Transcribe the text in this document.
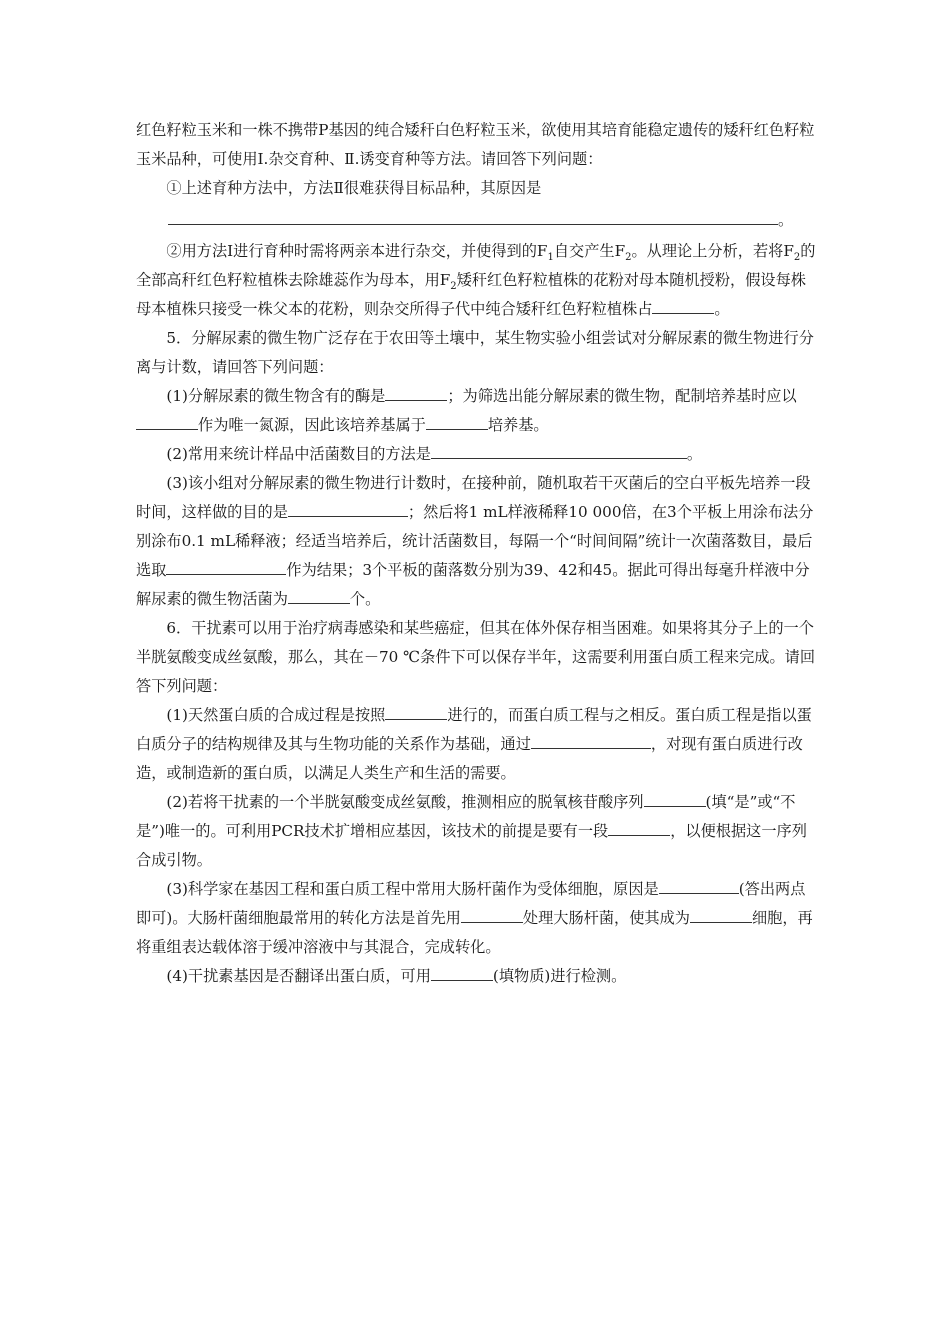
红色籽粒玉米和一株不携带P基因的纯合矮秆白色籽粒玉米，欲使用其培育能稳定遗传的矮秆红色籽粒玉米品种，可使用Ⅰ.杂交育种、Ⅱ.诱变育种等方法。请回答下列问题：

①上述育种方法中，方法Ⅱ很难获得目标品种，其原因是

。

②用方法Ⅰ进行育种时需将两亲本进行杂交，并使得到的$F_1$自交产生$F_2$。从理论上分析，若将$F_2$的全部高秆红色籽粒植株去除雄蕊作为母本，用$F_2$矮秆红色籽粒植株的花粉对母本随机授粉，假设每株母本植株只接受一株父本的花粉，则杂交所得子代中纯合矮秆红色籽粒植株占	。

5．分解尿素的微生物广泛存在于农田等土壤中，某生物实验小组尝试对分解尿素的微生物进行分离与计数，请回答下列问题：

(1)分解尿素的微生物含有的酶是	；为筛选出能分解尿素的微生物，配制培养基时应以作为唯一氮源，因此该培养基属于	培养基。

(2)常用来统计样品中活菌数目的方法是	。

(3)该小组对分解尿素的微生物进行计数时，在接种前，随机取若干灭菌后的空白平板先培养一段时间，这样做的目的是	；然后将1 mL样液稀释10 000倍，在3个平板上用涂布法分别涂布0.1 mL稀释液；经适当培养后，统计活菌数目，每隔一个“时间间隔”统计一次菌落数目，最后选取	作为结果；3个平板的菌落数分别为39、42和45。据此可得出每毫升样液中分解尿素的微生物活菌为	个。

6．干扰素可以用于治疗病毒感染和某些癌症，但其在体外保存相当困难。如果将其分子上的一个半胱氨酸变成丝氨酸，那么，其在－70 ℃条件下可以保存半年，这需要利用蛋白质工程来完成。请回答下列问题：

(1)天然蛋白质的合成过程是按照	进行的，而蛋白质工程与之相反。蛋白质工程是指以蛋白质分子的结构规律及其与生物功能的关系作为基础，通过	，对现有蛋白质进行改造，或制造新的蛋白质，以满足人类生产和生活的需要。

(2)若将干扰素的一个半胱氨酸变成丝氨酸，推测相应的脱氧核苷酸序列	(填“是”或“不是”)唯一的。可利用PCR技术扩增相应基因，该技术的前提是要有一段	，以便根据这一序列合成引物。

(3)科学家在基因工程和蛋白质工程中常用大肠杆菌作为受体细胞，原因是	(答出两点即可)。大肠杆菌细胞最常用的转化方法是首先用	处理大肠杆菌，使其成为	细胞，再将重组表达载体溶于缓冲溶液中与其混合，完成转化。

(4)干扰素基因是否翻译出蛋白质，可用	(填物质)进行检测。
